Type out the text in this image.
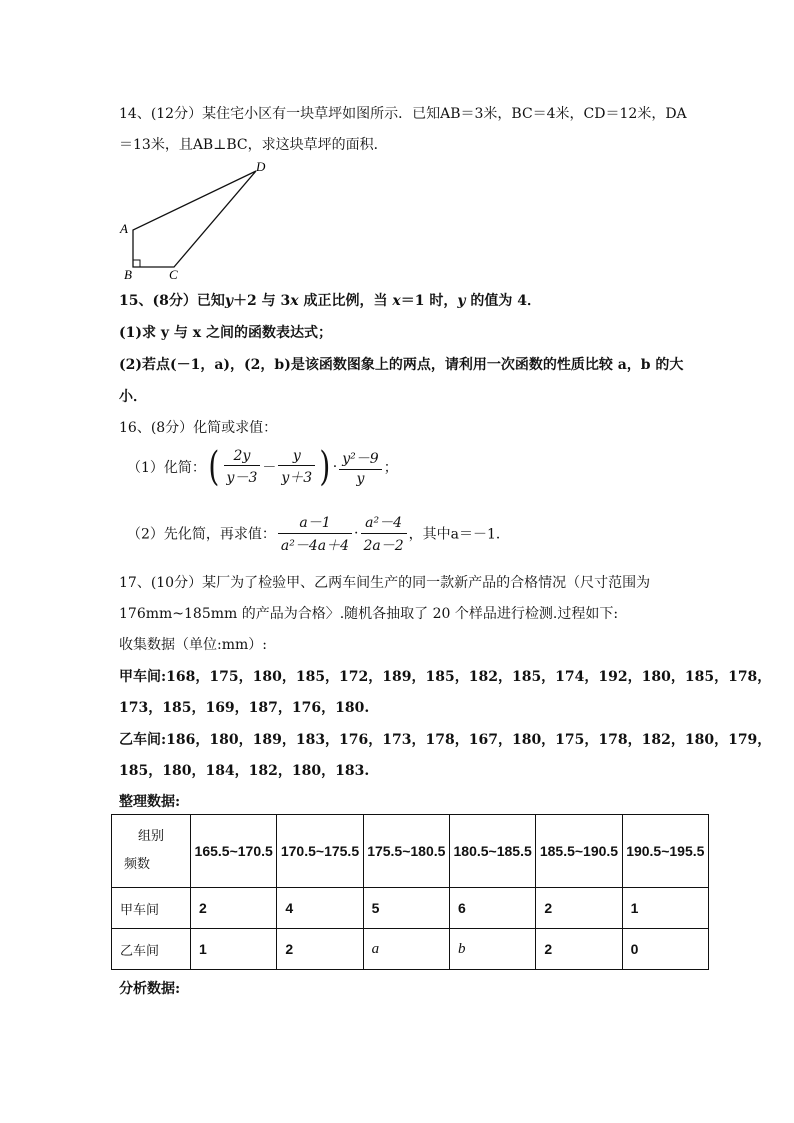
14、(12分）某住宅小区有一块草坪如图所示．已知AB＝3米，BC＝4米，CD＝12米，DA
＝13米，且AB⊥BC，求这块草坪的面积．
A
B	C
D
15、(8分）已知y＋2 与 3x 成正比例，当 x＝1 时，y 的值为 4．
(1)求 y 与 x 之间的函数表达式；
(2)若点(－1，a)，(2，b)是该函数图象上的两点，请利用一次函数的性质比较 a，b 的大
小．
16、(8分）化简或求值：
（1）化简：( $\frac{2y}{y-3} - \frac{y}{y+3}$ ) · $\frac{\text{y²－9}}{y}$ ；
（2）先化简，再求值： $\frac{a-1}{\text{a²－4a＋4}} \cdot \frac{\text{a²－4}}{2a-2}$ ，其中a＝－1．
17、(10分）某厂为了检验甲、乙两车间生产的同一款新产品的合格情况（尺寸范围为
176mm~185mm 的产品为合格〉.随机各抽取了 20 个样品进行检测.过程如下:
收集数据（单位:mm）:
甲车间:168，175，180，185，172，189，185，182，185，174，192，180，185，178，
173，185，169，187，176，180.
乙车间:186，180，189，183，176，173，178，167，180，175，178，182，180，179，
185，180，184，182，180，183.
整理数据:
组别
频数	165.5~170.5	170.5~175.5	175.5~180.5	180.5~185.5	185.5~190.5	190.5~195.5
甲车间	2	4	5	6	2	1
乙车间	1	2	a	b	2	0
分析数据:
